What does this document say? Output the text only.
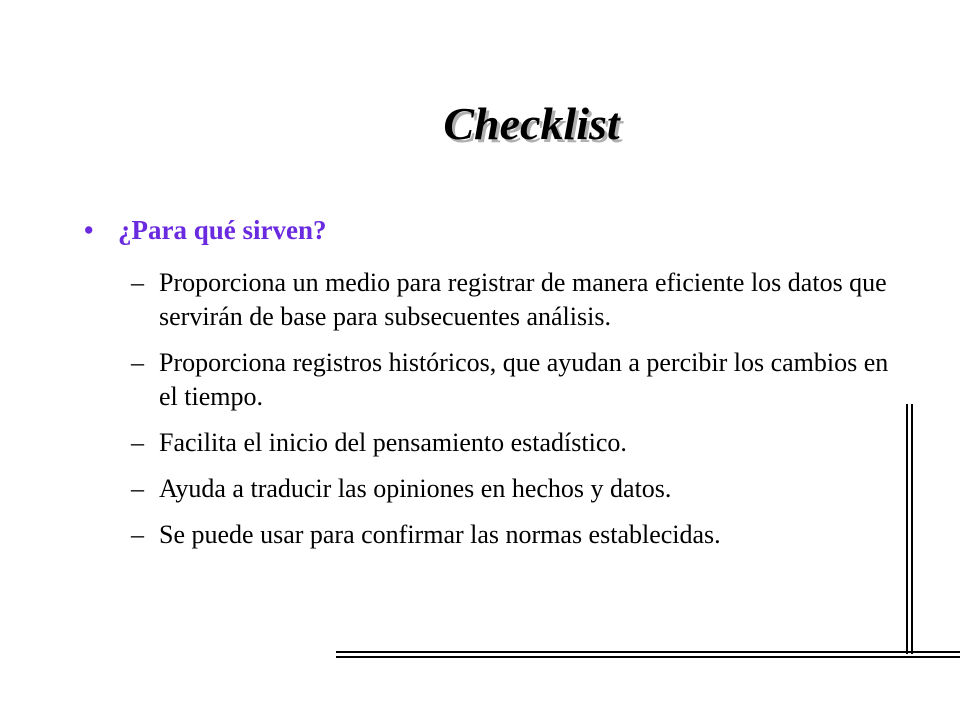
Checklist
• ¿Para qué sirven?
– Proporciona un medio para registrar de manera eficiente los datos que servirán de base para subsecuentes análisis.
– Proporciona registros históricos, que ayudan a percibir los cambios en el tiempo.
– Facilita el inicio del pensamiento estadístico.
– Ayuda a traducir las opiniones en hechos y datos.
– Se puede usar para confirmar las normas establecidas.
